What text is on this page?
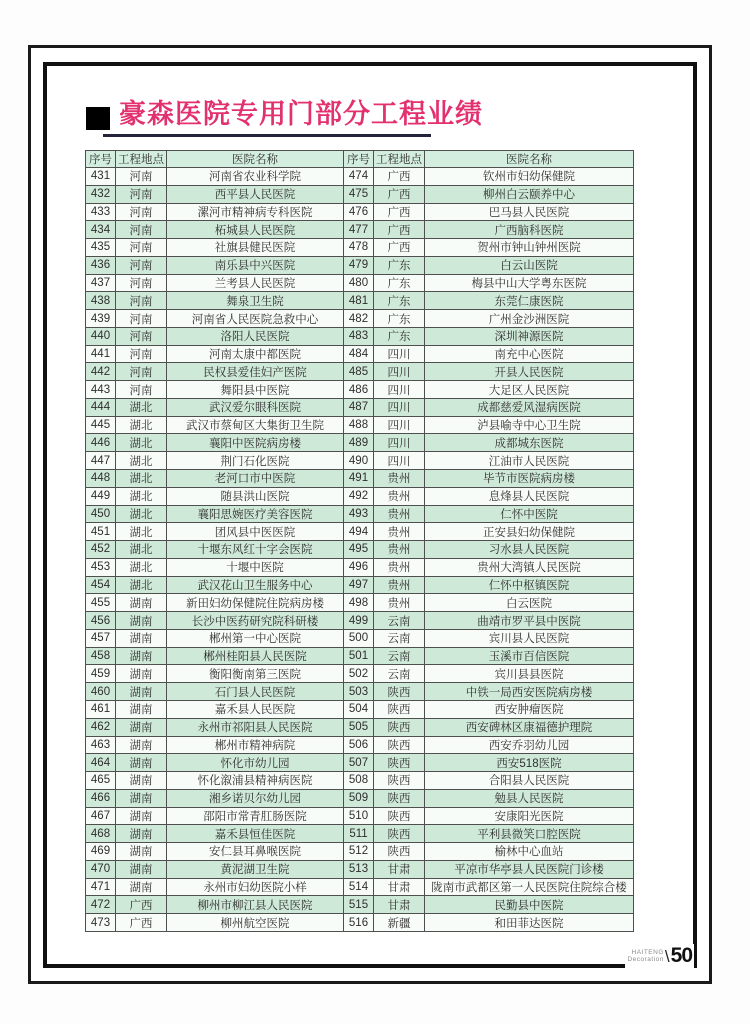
豪森医院专用门部分工程业绩
序号	工程地点	医院名称	序号	工程地点	医院名称
431	河南	河南省农业科学院	474	广西	钦州市妇幼保健院
432	河南	西平县人民医院	475	广西	柳州白云颐养中心
433	河南	漯河市精神病专科医院	476	广西	巴马县人民医院
434	河南	柘城县人民医院	477	广西	广西脑科医院
435	河南	社旗县健民医院	478	广西	贺州市钟山钟州医院
436	河南	南乐县中兴医院	479	广东	白云山医院
437	河南	兰考县人民医院	480	广东	梅县中山大学粤东医院
438	河南	舞泉卫生院	481	广东	东莞仁康医院
439	河南	河南省人民医院急救中心	482	广东	广州金沙洲医院
440	河南	洛阳人民医院	483	广东	深圳神源医院
441	河南	河南太康中都医院	484	四川	南充中心医院
442	河南	民权县爱佳妇产医院	485	四川	开县人民医院
443	河南	舞阳县中医院	486	四川	大足区人民医院
444	湖北	武汉爱尔眼科医院	487	四川	成都慈爱风湿病医院
445	湖北	武汉市蔡甸区大集街卫生院	488	四川	泸县喻寺中心卫生院
446	湖北	襄阳中医院病房楼	489	四川	成都城东医院
447	湖北	荆门石化医院	490	四川	江油市人民医院
448	湖北	老河口市中医院	491	贵州	毕节市医院病房楼
449	湖北	随县洪山医院	492	贵州	息烽县人民医院
450	湖北	襄阳思婉医疗美容医院	493	贵州	仁怀中医院
451	湖北	团风县中医医院	494	贵州	正安县妇幼保健院
452	湖北	十堰东风红十字会医院	495	贵州	习水县人民医院
453	湖北	十堰中医院	496	贵州	贵州大湾镇人民医院
454	湖北	武汉花山卫生服务中心	497	贵州	仁怀中枢镇医院
455	湖南	新田妇幼保健院住院病房楼	498	贵州	白云医院
456	湖南	长沙中医药研究院科研楼	499	云南	曲靖市罗平县中医院
457	湖南	郴州第一中心医院	500	云南	宾川县人民医院
458	湖南	郴州桂阳县人民医院	501	云南	玉溪市百信医院
459	湖南	衡阳衡南第三医院	502	云南	宾川县县医院
460	湖南	石门县人民医院	503	陕西	中铁一局西安医院病房楼
461	湖南	嘉禾县人民医院	504	陕西	西安肿瘤医院
462	湖南	永州市祁阳县人民医院	505	陕西	西安碑林区康福德护理院
463	湖南	郴州市精神病院	506	陕西	西安乔羽幼儿园
464	湖南	怀化市幼儿园	507	陕西	西安518医院
465	湖南	怀化溆浦县精神病医院	508	陕西	合阳县人民医院
466	湖南	湘乡诺贝尔幼儿园	509	陕西	勉县人民医院
467	湖南	邵阳市常青肛肠医院	510	陕西	安康阳光医院
468	湖南	嘉禾县恒佳医院	511	陕西	平利县微笑口腔医院
469	湖南	安仁县耳鼻喉医院	512	陕西	榆林中心血站
470	湖南	黄泥湖卫生院	513	甘肃	平凉市华亭县人民医院门诊楼
471	湖南	永州市妇幼医院小样	514	甘肃	陇南市武都区第一人民医院住院综合楼
472	广西	柳州市柳江县人民医院	515	甘肃	民勤县中医院
473	广西	柳州航空医院	516	新疆	和田菲达医院
HAITENG
Decoration \ 50
